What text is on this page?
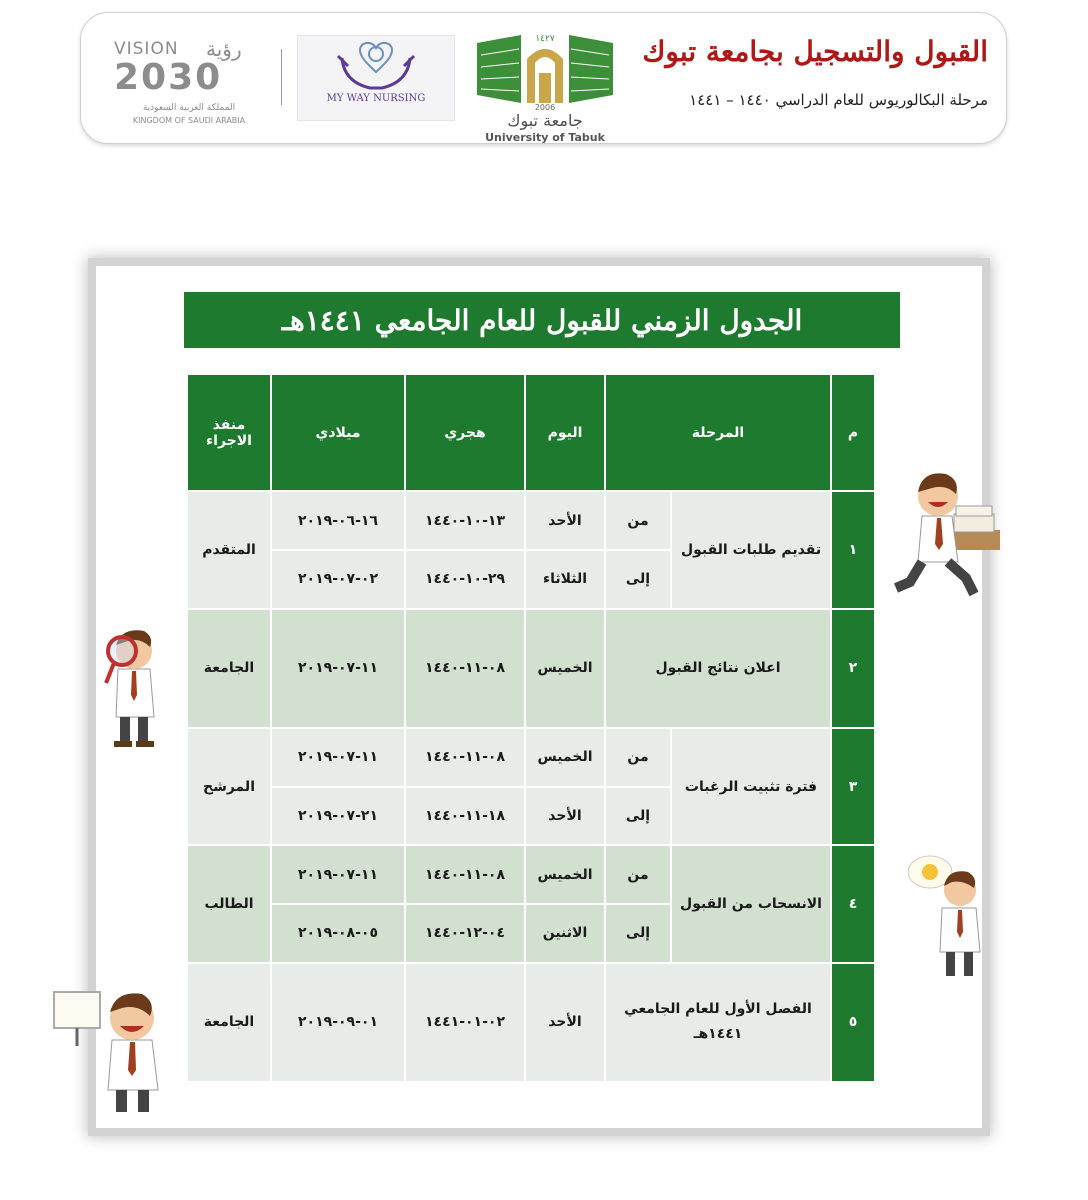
القبول والتسجيل بجامعة تبوك

مرحلة البكالوريوس للعام الدراسي ١٤٤٠ – ١٤٤١

١٤٢٧
2006
جامعة تبوك
University of Tabuk
MY WAY NURSING
VISION رؤية
2030
المملكة العربية السعودية
KINGDOM OF SAUDI ARABIA
الجدول الزمني للقبول للعام الجامعي ١٤٤١هـ
م	المرحلة		اليوم	هجري	ميلادي	منفذ الاجراء
١	تقديم طلبات القبول	من	الأحد	١٣-١٠-١٤٤٠	١٦-٠٦-٢٠١٩	المتقدم
		إلى	الثلاثاء	٢٩-١٠-١٤٤٠	٠٢-٠٧-٢٠١٩	
٢	اعلان نتائج القبول		الخميس	٠٨-١١-١٤٤٠	١١-٠٧-٢٠١٩	الجامعة
٣	فترة تثبيت الرغبات	من	الخميس	٠٨-١١-١٤٤٠	١١-٠٧-٢٠١٩	المرشح
		إلى	الأحد	١٨-١١-١٤٤٠	٢١-٠٧-٢٠١٩	
٤	الانسحاب من القبول	من	الخميس	٠٨-١١-١٤٤٠	١١-٠٧-٢٠١٩	الطالب
		إلى	الاثنين	٠٤-١٢-١٤٤٠	٠٥-٠٨-٢٠١٩	
٥	الفصل الأول للعام الجامعي ١٤٤١هـ		الأحد	٠٢-٠١-١٤٤١	٠١-٠٩-٢٠١٩	الجامعة
